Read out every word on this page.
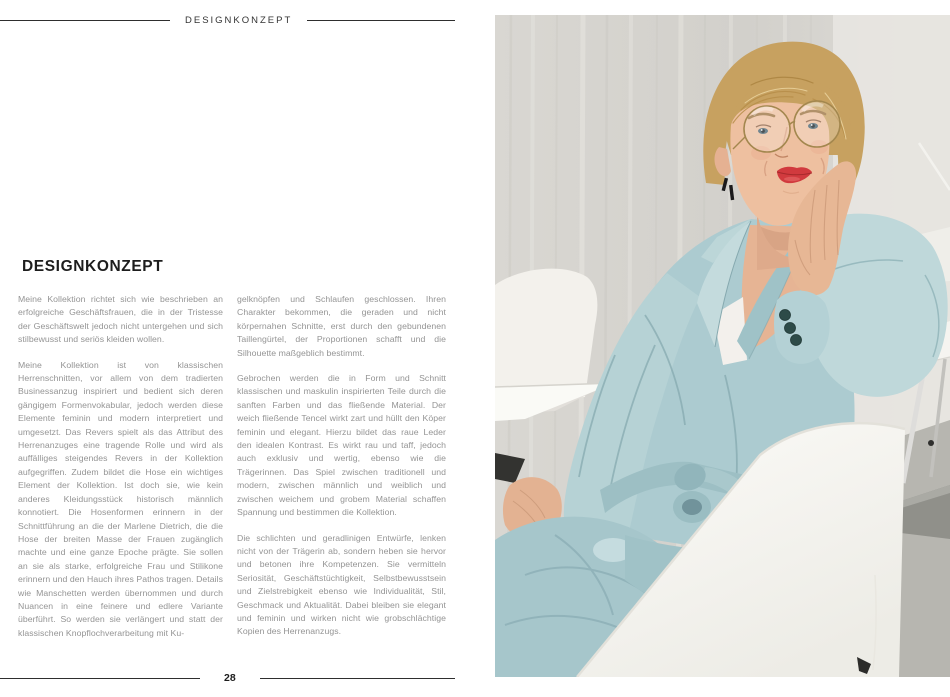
DESIGNKONZEPT
DESIGNKONZEPT

Meine Kollektion richtet sich wie beschrieben an erfolgreiche Geschäftsfrauen, die in der Tristesse der Geschäftswelt jedoch nicht untergehen und sich stilbewusst und seriös kleiden wollen.

Meine Kollektion ist von klassischen Herrenschnitten, vor allem von dem tradierten Businessanzug inspiriert und bedient sich deren gängigem Formenvokabular, jedoch werden diese Elemente feminin und modern interpretiert und umgesetzt. Das Revers spielt als das Attribut des Herrenanzuges eine tragende Rolle und wird als auffälliges steigendes Revers in der Kollektion aufgegriffen. Zudem bildet die Hose ein wichtiges Element der Kollektion. Ist doch sie, wie kein anderes Kleidungsstück historisch männlich konnotiert. Die Hosenformen erinnern in der Schnittführung an die der Marlene Dietrich, die die Hose der breiten Masse der Frauen zugänglich machte und eine ganze Epoche prägte. Sie sollen an sie als starke, erfolgreiche Frau und Stilikone erinnern und den Hauch ihres Pathos tragen. Details wie Manschetten werden übernommen und durch Nuancen in eine feinere und edlere Variante überführt. So werden sie verlängert und statt der klassischen Knopflochverarbeitung mit Ku-

gelknöpfen und Schlaufen geschlossen. Ihren Charakter bekommen, die geraden und nicht körpernahen Schnitte, erst durch den gebundenen Taillengürtel, der Proportionen schafft und die Silhouette maßgeblich bestimmt.

Gebrochen werden die in Form und Schnitt klassischen und maskulin inspirierten Teile durch die sanften Farben und das fließende Material. Der weich fließende Tencel wirkt zart und hüllt den Köper feminin und elegant. Hierzu bildet das raue Leder den idealen Kontrast. Es wirkt rau und taff, jedoch auch exklusiv und wertig, ebenso wie die Trägerinnen. Das Spiel zwischen traditionell und modern, zwischen männlich und weiblich und zwischen weichem und grobem Material schaffen Spannung und bestimmen die Kollektion.

Die schlichten und geradlinigen Entwürfe, lenken nicht von der Trägerin ab, sondern heben sie hervor und betonen ihre Kompetenzen. Sie vermitteln Seriosität, Geschäftstüchtigkeit, Selbstbewusstsein und Zielstrebigkeit ebenso wie Individualität, Stil, Geschmack und Aktualität. Dabei bleiben sie elegant und feminin und wirken nicht wie grobschlächtige Kopien des Herrenanzugs.

28
